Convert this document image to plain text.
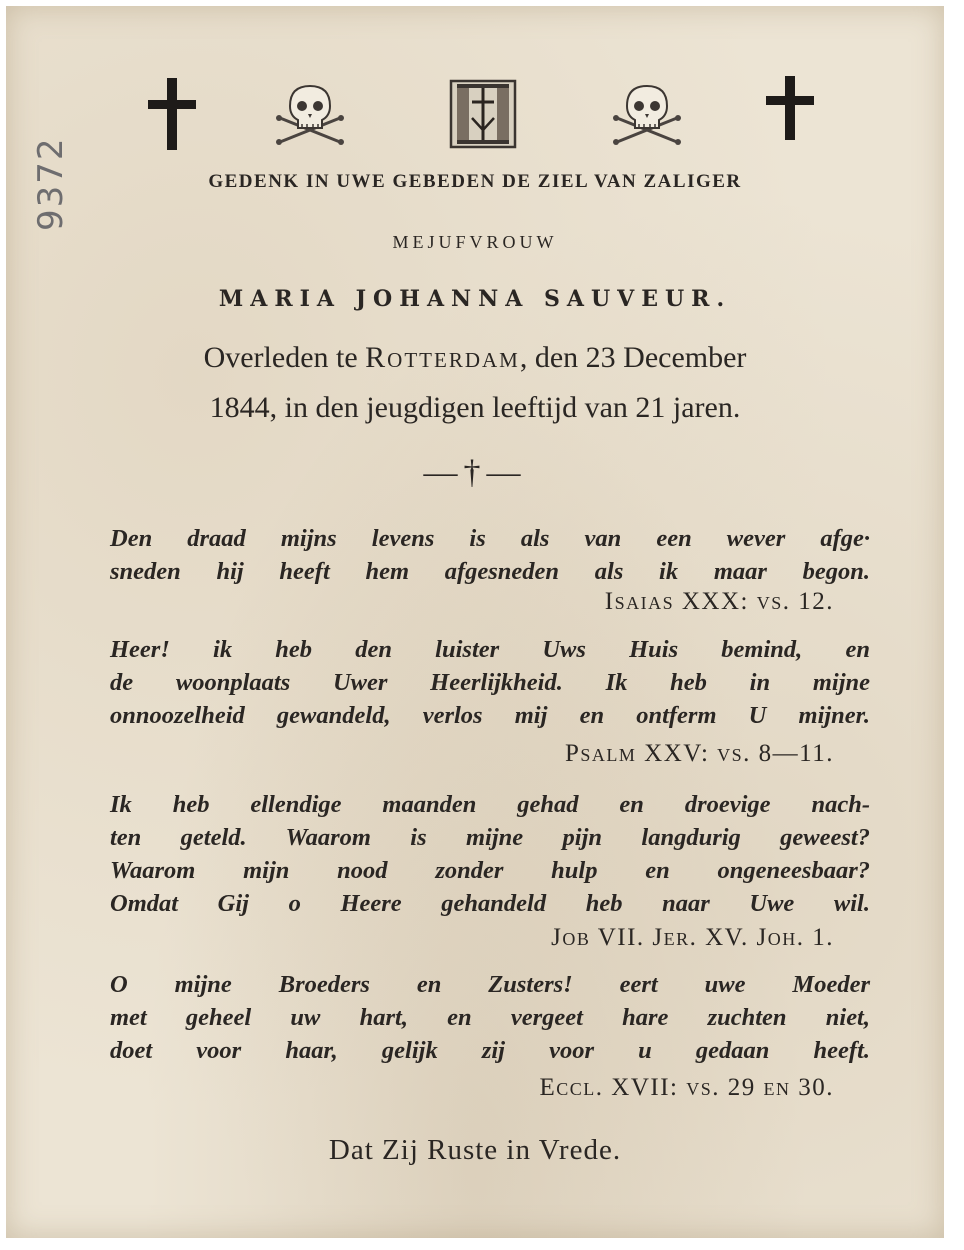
9372	GEDENK IN UWE GEBEDEN DE ZIEL VAN ZALIGER
MEJUFVROUW
MARIA JOHANNA SAUVEUR.
Overleden te Rotterdam, den 23 December
1844, in den jeugdigen leeftijd van 21 jaren.
—†—
Den draad mijns levens is als van een wever afge·
sneden hij heeft hem afgesneden als ik maar begon.
Isaias XXX: vs. 12.
Heer! ik heb den luister Uws Huis bemind, en
de woonplaats Uwer Heerlijkheid. Ik heb in mijne
onnoozelheid gewandeld, verlos mij en ontferm U mijner.
Psalm XXV: vs. 8—11.
Ik heb ellendige maanden gehad en droevige nach-
ten geteld. Waarom is mijne pijn langdurig geweest?
Waarom mijn nood zonder hulp en ongeneesbaar?
Omdat Gij o Heere gehandeld heb naar Uwe wil.
Job VII. Jer. XV. Joh. 1.
O mijne Broeders en Zusters! eert uwe Moeder
met geheel uw hart, en vergeet hare zuchten niet,
doet voor haar, gelijk zij voor u gedaan heeft.
Eccl. XVII: vs. 29 en 30.
Dat Zij Ruste in Vrede.
